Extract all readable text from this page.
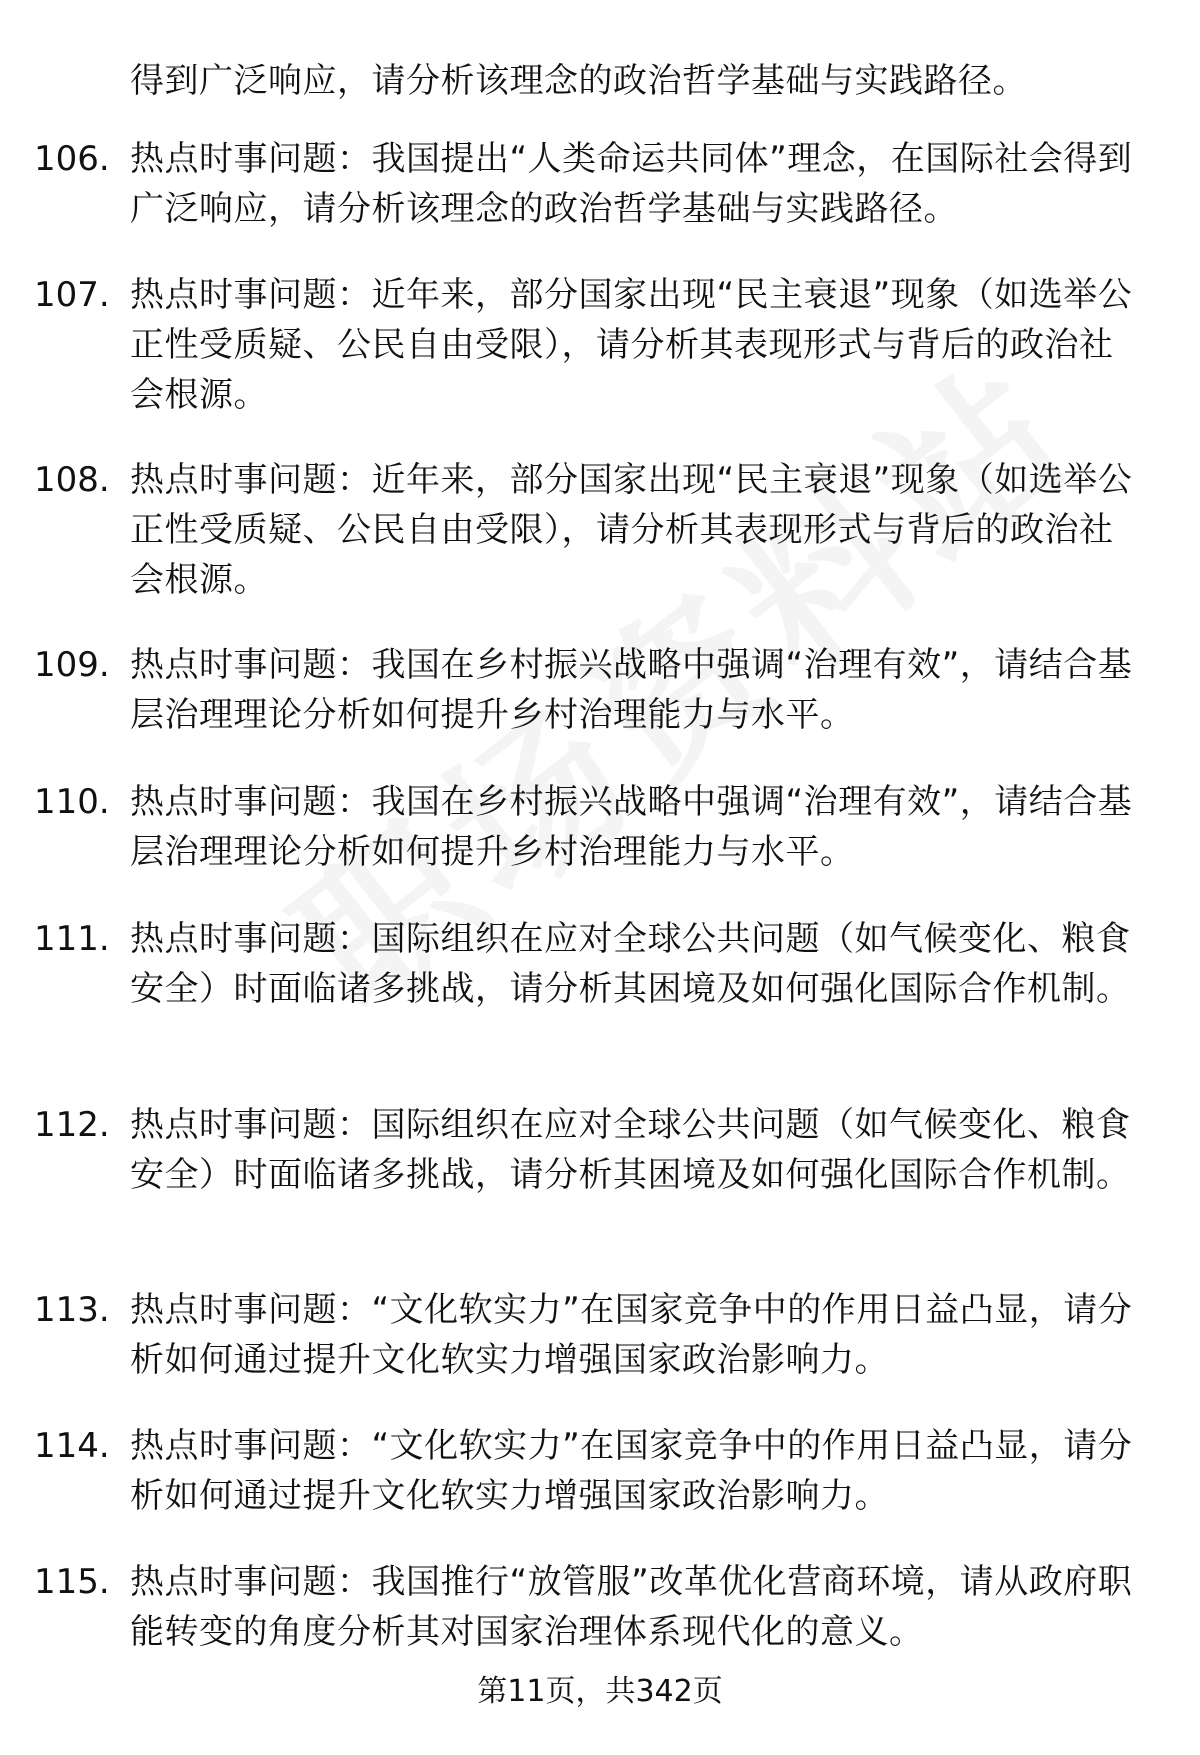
得到广泛响应，请分析该理念的政治哲学基础与实践路径。
106. 热点时事问题：我国提出“人类命运共同体”理念，在国际社会得到广泛响应，请分析该理念的政治哲学基础与实践路径。
107. 热点时事问题：近年来，部分国家出现“民主衰退”现象（如选举公正性受质疑、公民自由受限），请分析其表现形式与背后的政治社会根源。
108. 热点时事问题：近年来，部分国家出现“民主衰退”现象（如选举公正性受质疑、公民自由受限），请分析其表现形式与背后的政治社会根源。
109. 热点时事问题：我国在乡村振兴战略中强调“治理有效”，请结合基层治理理论分析如何提升乡村治理能力与水平。
110. 热点时事问题：我国在乡村振兴战略中强调“治理有效”，请结合基层治理理论分析如何提升乡村治理能力与水平。
111. 热点时事问题：国际组织在应对全球公共问题（如气候变化、粮食安全）时面临诸多挑战，请分析其困境及如何强化国际合作机制。
112. 热点时事问题：国际组织在应对全球公共问题（如气候变化、粮食安全）时面临诸多挑战，请分析其困境及如何强化国际合作机制。
113. 热点时事问题：“文化软实力”在国家竞争中的作用日益凸显，请分析如何通过提升文化软实力增强国家政治影响力。
114. 热点时事问题：“文化软实力”在国家竞争中的作用日益凸显，请分析如何通过提升文化软实力增强国家政治影响力。
115. 热点时事问题：我国推行“放管服”改革优化营商环境，请从政府职能转变的角度分析其对国家治理体系现代化的意义。
第11页，共342页
